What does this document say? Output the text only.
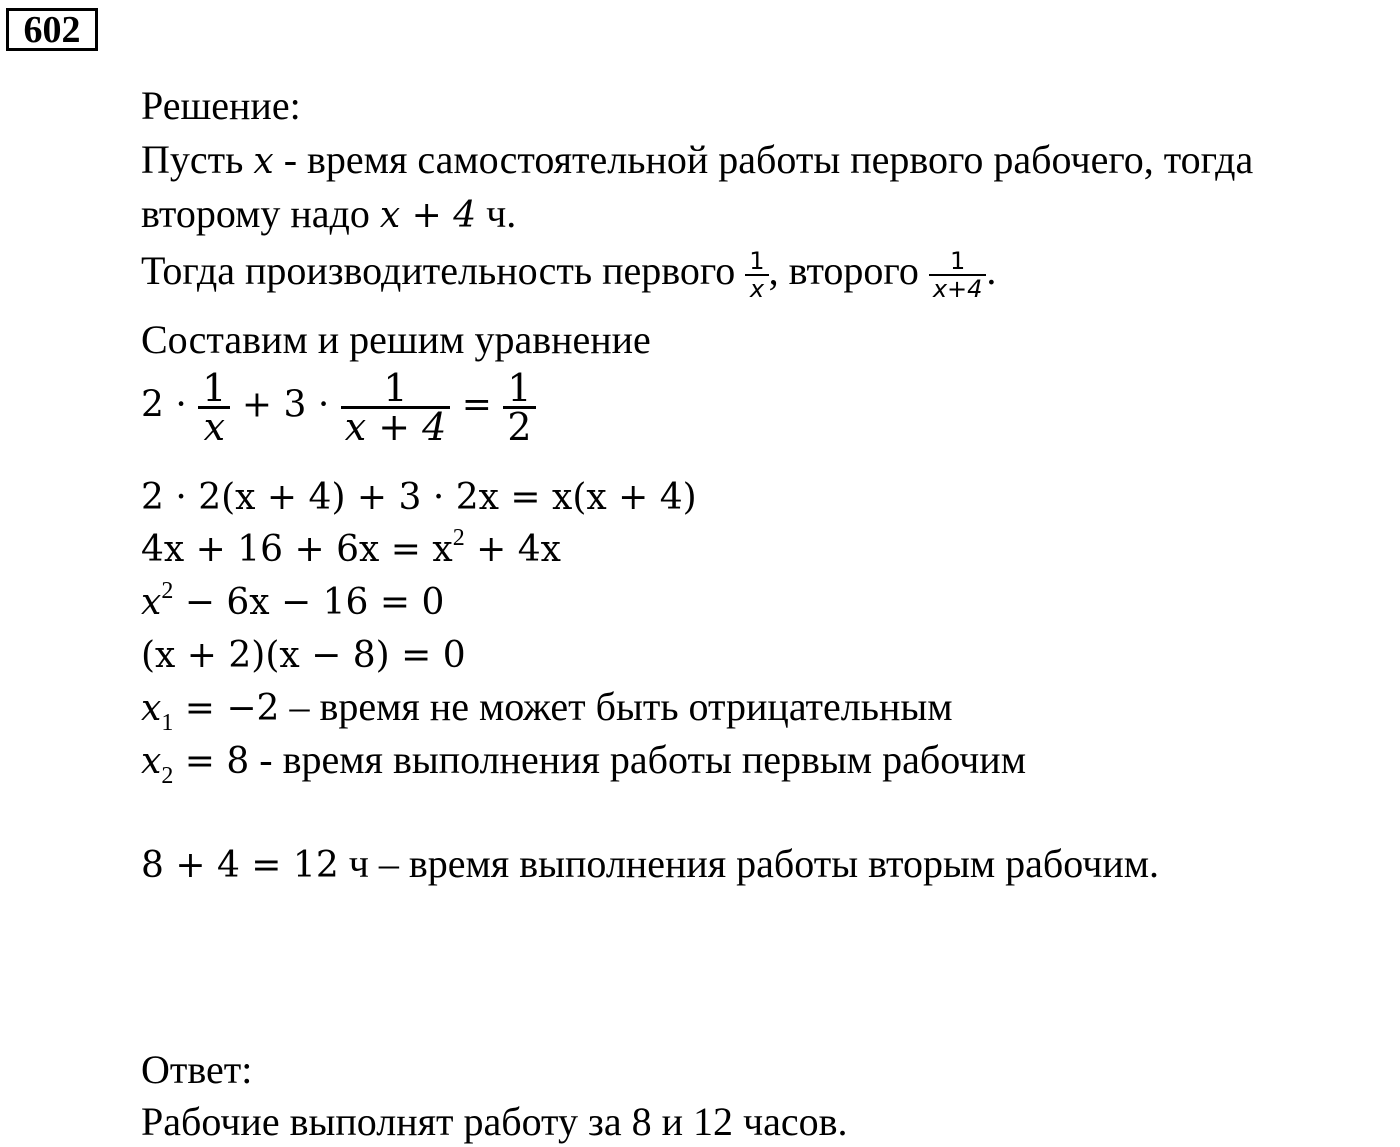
602
Решение:
Пусть x - время самостоятельной работы первого рабочего, тогда
второму надо x + 4 ч.
Тогда производительность первого $\frac{1}{x}$ , второго $\frac{1}{x+4}$ .
Составим и решим уравнение
$2 \cdot \frac{1}{x} + 3 \cdot \frac{1}{x + 4} = \frac{1}{2}$
2 · 2(x + 4) + 3 · 2x = x(x + 4)
$4x + 16 + 6x = x^2 + 4x$
$x^2 - 6x - 16 = 0$
(x + 2)(x − 8) = 0
$x_1 = -2$ – время не может быть отрицательным
$x_2 = 8$ - время выполнения работы первым рабочим
8 + 4 = 12 ч – время выполнения работы вторым рабочим.
Ответ:
Рабочие выполнят работу за 8 и 12 часов.
